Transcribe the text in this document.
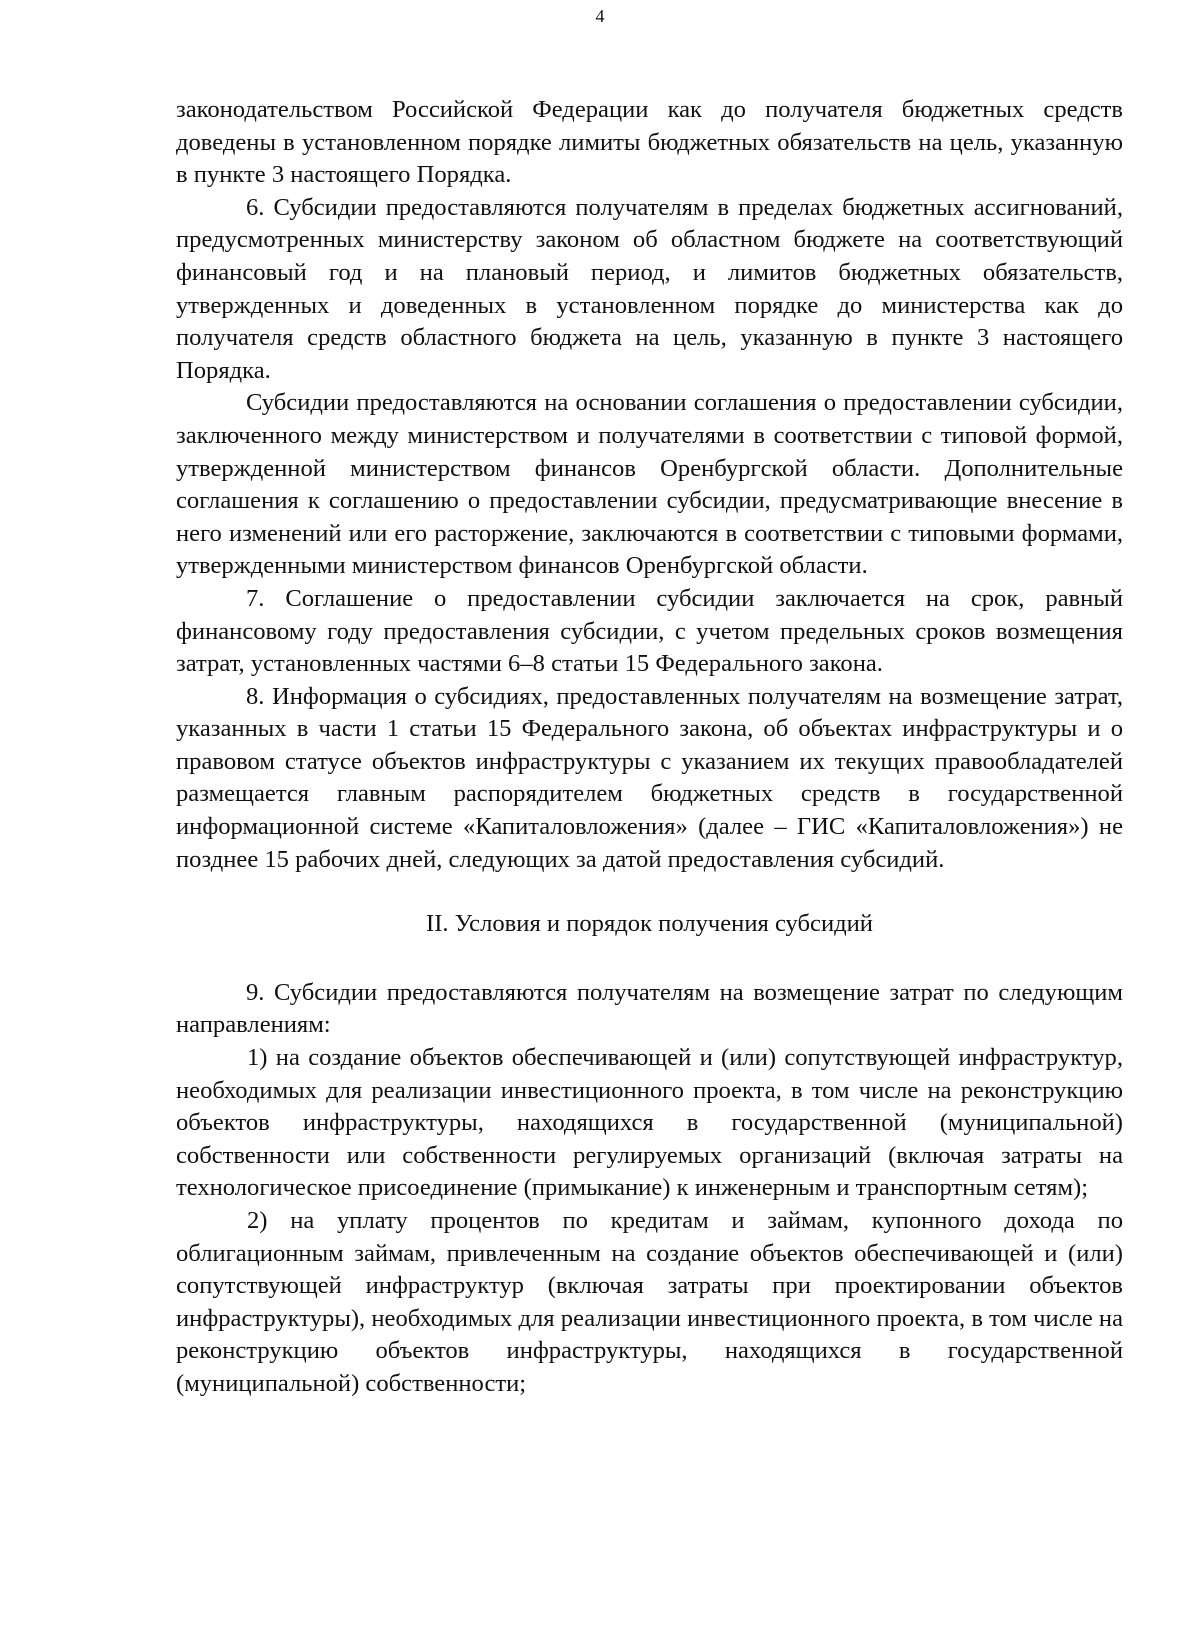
4

законодательством Российской Федерации как до получателя бюджетных средств доведены в установленном порядке лимиты бюджетных обязательств на цель, указанную в пункте 3 настоящего Порядка.

6. Субсидии предоставляются получателям в пределах бюджетных ассигнований, предусмотренных министерству законом об областном бюджете на соответствующий финансовый год и на плановый период, и лимитов бюджетных обязательств, утвержденных и доведенных в установленном порядке до министерства как до получателя средств областного бюджета на цель, указанную в пункте 3 настоящего Порядка.

Субсидии предоставляются на основании соглашения о предоставлении субсидии, заключенного между министерством и получателями в соответствии с типовой формой, утвержденной министерством финансов Оренбургской области. Дополнительные соглашения к соглашению о предоставлении субсидии, предусматривающие внесение в него изменений или его расторжение, заключаются в соответствии с типовыми формами, утвержденными министерством финансов Оренбургской области.

7. Соглашение о предоставлении субсидии заключается на срок, равный финансовому году предоставления субсидии, с учетом предельных сроков возмещения затрат, установленных частями 6–8 статьи 15 Федерального закона.

8. Информация о субсидиях, предоставленных получателям на возмещение затрат, указанных в части 1 статьи 15 Федерального закона, об объектах инфраструктуры и о правовом статусе объектов инфраструктуры с указанием их текущих правообладателей размещается главным распорядителем бюджетных средств в государственной информационной системе «Капиталовложения» (далее – ГИС «Капиталовложения») не позднее 15 рабочих дней, следующих за датой предоставления субсидий.

II. Условия и порядок получения субсидий

9. Субсидии предоставляются получателям на возмещение затрат по следующим направлениям:

1) на создание объектов обеспечивающей и (или) сопутствующей инфраструктур, необходимых для реализации инвестиционного проекта, в том числе на реконструкцию объектов инфраструктуры, находящихся в государственной (муниципальной) собственности или собственности регулируемых организаций (включая затраты на технологическое присоединение (примыкание) к инженерным и транспортным сетям);

2) на уплату процентов по кредитам и займам, купонного дохода по облигационным займам, привлеченным на создание объектов обеспечивающей и (или) сопутствующей инфраструктур (включая затраты при проектировании объектов инфраструктуры), необходимых для реализации инвестиционного проекта, в том числе на реконструкцию объектов инфраструктуры, находящихся в государственной (муниципальной) собственности;
